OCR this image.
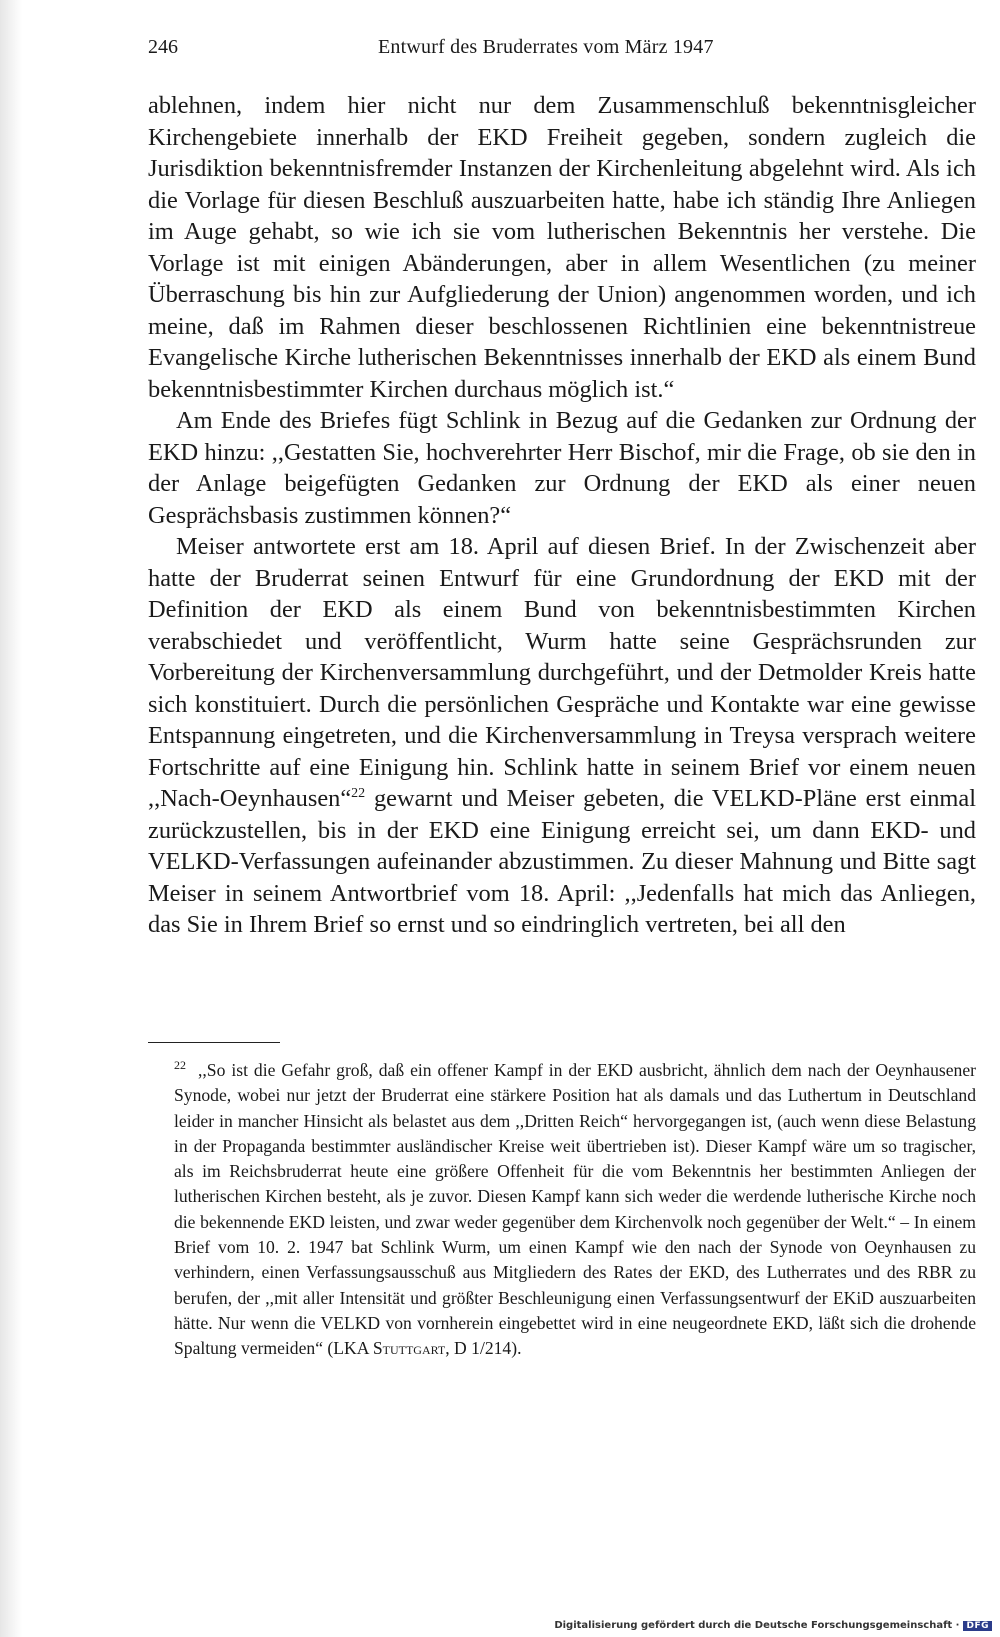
246	Entwurf des Bruderrates vom März 1947

ablehnen, indem hier nicht nur dem Zusammenschluß bekenntnisgleicher Kirchengebiete innerhalb der EKD Freiheit gegeben, sondern zugleich die Jurisdiktion bekenntnisfremder Instanzen der Kirchenleitung abgelehnt wird. Als ich die Vorlage für diesen Beschluß auszuarbeiten hatte, habe ich ständig Ihre Anliegen im Auge gehabt, so wie ich sie vom lutherischen Bekenntnis her verstehe. Die Vorlage ist mit einigen Abänderungen, aber in allem Wesentlichen (zu meiner Überraschung bis hin zur Aufgliederung der Union) angenommen worden, und ich meine, daß im Rahmen dieser beschlossenen Richtlinien eine bekenntnistreue Evangelische Kirche lutherischen Bekenntnisses innerhalb der EKD als einem Bund bekenntnisbestimmter Kirchen durchaus möglich ist.“

Am Ende des Briefes fügt Schlink in Bezug auf die Gedanken zur Ordnung der EKD hinzu: ,,Gestatten Sie, hochverehrter Herr Bischof, mir die Frage, ob sie den in der Anlage beigefügten Gedanken zur Ordnung der EKD als einer neuen Gesprächsbasis zustimmen können?“

Meiser antwortete erst am 18. April auf diesen Brief. In der Zwischenzeit aber hatte der Bruderrat seinen Entwurf für eine Grundordnung der EKD mit der Definition der EKD als einem Bund von bekenntnisbestimmten Kirchen verabschiedet und veröffentlicht, Wurm hatte seine Gesprächsrunden zur Vorbereitung der Kirchenversammlung durchgeführt, und der Detmolder Kreis hatte sich konstituiert. Durch die persönlichen Gespräche und Kontakte war eine gewisse Entspannung eingetreten, und die Kirchenversammlung in Treysa versprach weitere Fortschritte auf eine Einigung hin. Schlink hatte in seinem Brief vor einem neuen ,,Nach-Oeynhausen“$^{22}$ gewarnt und Meiser gebeten, die VELKD-Pläne erst einmal zurückzustellen, bis in der EKD eine Einigung erreicht sei, um dann EKD- und VELKD-Verfassungen aufeinander abzustimmen. Zu dieser Mahnung und Bitte sagt Meiser in seinem Antwortbrief vom 18. April: ,,Jedenfalls hat mich das Anliegen, das Sie in Ihrem Brief so ernst und so eindringlich vertreten, bei all den

$^{22}$ ,,So ist die Gefahr groß, daß ein offener Kampf in der EKD ausbricht, ähnlich dem nach der Oeynhausener Synode, wobei nur jetzt der Bruderrat eine stärkere Position hat als damals und das Luthertum in Deutschland leider in mancher Hinsicht als belastet aus dem ,,Dritten Reich“ hervorgegangen ist, (auch wenn diese Belastung in der Propaganda bestimmter ausländischer Kreise weit übertrieben ist). Dieser Kampf wäre um so tragischer, als im Reichsbruderrat heute eine größere Offenheit für die vom Bekenntnis her bestimmten Anliegen der lutherischen Kirchen besteht, als je zuvor. Diesen Kampf kann sich weder die werdende lutherische Kirche noch die bekennende EKD leisten, und zwar weder gegenüber dem Kirchenvolk noch gegenüber der Welt.“ – In einem Brief vom 10. 2. 1947 bat Schlink Wurm, um einen Kampf wie den nach der Synode von Oeynhausen zu verhindern, einen Verfassungsausschuß aus Mitgliedern des Rates der EKD, des Lutherrates und des RBR zu berufen, der ,,mit aller Intensität und größter Beschleunigung einen Verfassungsentwurf der EKiD auszuarbeiten hätte. Nur wenn die VELKD von vornherein eingebettet wird in eine neugeordnete EKD, läßt sich die drohende Spaltung vermeiden“ (LKA Stuttgart, D 1/214).

Digitalisierung gefördert durch die Deutsche Forschungsgemeinschaft · DFG
